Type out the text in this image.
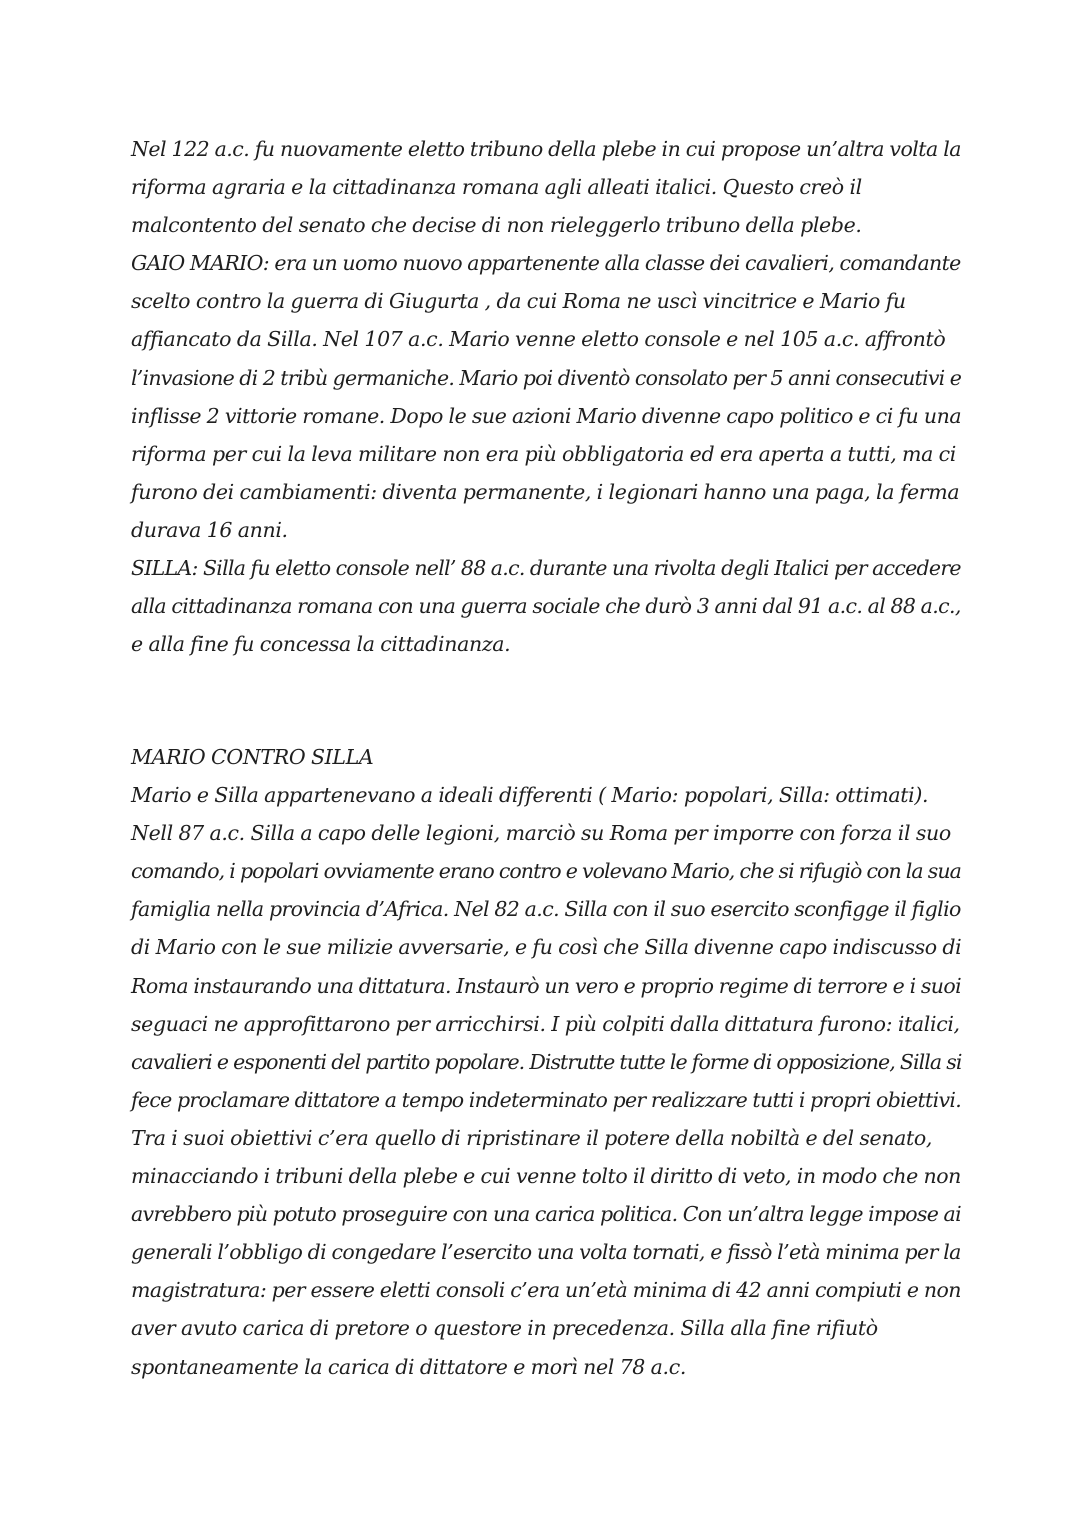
Nel 122 a.c. fu nuovamente eletto tribuno della plebe in cui propose un’altra volta la
riforma agraria e la cittadinanza romana agli alleati italici. Questo creò il
malcontento del senato che decise di non rieleggerlo tribuno della plebe.
GAIO MARIO: era un uomo nuovo appartenente alla classe dei cavalieri, comandante
scelto contro la guerra di Giugurta , da cui Roma ne uscì vincitrice e Mario fu
affiancato da Silla. Nel 107 a.c. Mario venne eletto console e nel 105 a.c. affrontò
l’invasione di 2 tribù germaniche. Mario poi diventò consolato per 5 anni consecutivi e
inflisse 2 vittorie romane. Dopo le sue azioni Mario divenne capo politico e ci fu una
riforma per cui la leva militare non era più obbligatoria ed era aperta a tutti, ma ci
furono dei cambiamenti: diventa permanente, i legionari hanno una paga, la ferma
durava 16 anni.
SILLA: Silla fu eletto console nell’ 88 a.c. durante una rivolta degli Italici per accedere
alla cittadinanza romana con una guerra sociale che durò 3 anni dal 91 a.c. al 88 a.c.,
e alla fine fu concessa la cittadinanza.
MARIO CONTRO SILLA
Mario e Silla appartenevano a ideali differenti ( Mario: popolari, Silla: ottimati).
Nell 87 a.c. Silla a capo delle legioni, marciò su Roma per imporre con forza il suo
comando, i popolari ovviamente erano contro e volevano Mario, che si rifugiò con la sua
famiglia nella provincia d’Africa. Nel 82 a.c. Silla con il suo esercito sconfigge il figlio
di Mario con le sue milizie avversarie, e fu così che Silla divenne capo indiscusso di
Roma instaurando una dittatura. Instaurò un vero e proprio regime di terrore e i suoi
seguaci ne approfittarono per arricchirsi. I più colpiti dalla dittatura furono: italici,
cavalieri e esponenti del partito popolare. Distrutte tutte le forme di opposizione, Silla si
fece proclamare dittatore a tempo indeterminato per realizzare tutti i propri obiettivi.
Tra i suoi obiettivi c’era quello di ripristinare il potere della nobiltà e del senato,
minacciando i tribuni della plebe e cui venne tolto il diritto di veto, in modo che non
avrebbero più potuto proseguire con una carica politica. Con un’altra legge impose ai
generali l’obbligo di congedare l’esercito una volta tornati, e fissò l’età minima per la
magistratura: per essere eletti consoli c’era un’età minima di 42 anni compiuti e non
aver avuto carica di pretore o questore in precedenza. Silla alla fine rifiutò
spontaneamente la carica di dittatore e morì nel 78 a.c.
